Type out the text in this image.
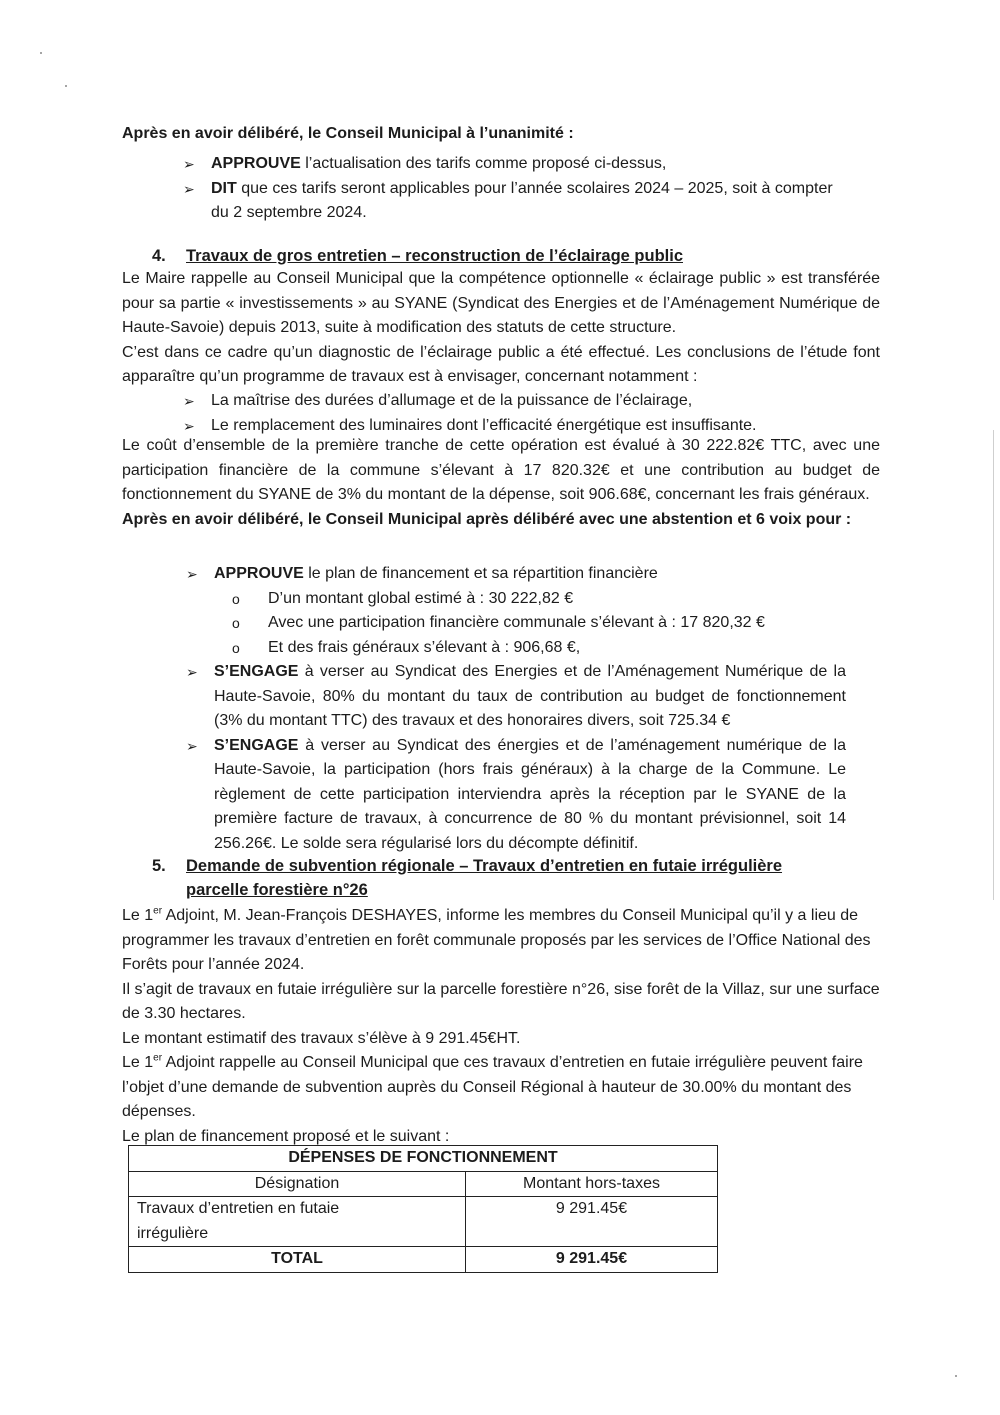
Après en avoir délibéré, le Conseil Municipal à l’unanimité :
➢ APPROUVE l’actualisation des tarifs comme proposé ci-dessus,
➢ DIT que ces tarifs seront applicables pour l’année scolaires 2024 – 2025, soit à compter
du 2 septembre 2024.
4. Travaux de gros entretien – reconstruction de l’éclairage public

Le Maire rappelle au Conseil Municipal que la compétence optionnelle « éclairage public » est transférée pour sa partie « investissements » au SYANE (Syndicat des Energies et de l’Aménagement Numérique de Haute-Savoie) depuis 2013, suite à modification des statuts de cette structure.

C’est dans ce cadre qu’un diagnostic de l’éclairage public a été effectué. Les conclusions de l’étude font apparaître qu’un programme de travaux est à envisager, concernant notamment :

➢ La maîtrise des durées d’allumage et de la puissance de l’éclairage,
➢ Le remplacement des luminaires dont l’efficacité énergétique est insuffisante.

Le coût d’ensemble de la première tranche de cette opération est évalué à 30 222.82€ TTC, avec une participation financière de la commune s’élevant à 17 820.32€ et une contribution au budget de fonctionnement du SYANE de 3% du montant de la dépense, soit 906.68€, concernant les frais généraux.

Après en avoir délibéré, le Conseil Municipal après délibéré avec une abstention et 6 voix pour :

➢ APPROUVE le plan de financement et sa répartition financière
o D’un montant global estimé à : 30 222,82 €
o Avec une participation financière communale s’élevant à : 17 820,32 €
o Et des frais généraux s’élevant à : 906,68 €,
➢ S’ENGAGE à verser au Syndicat des Energies et de l’Aménagement Numérique de la Haute-Savoie, 80% du montant du taux de contribution au budget de fonctionnement (3% du montant TTC) des travaux et des honoraires divers, soit 725.34 €
➢ S’ENGAGE à verser au Syndicat des énergies et de l’aménagement numérique de la Haute-Savoie, la participation (hors frais généraux) à la charge de la Commune. Le règlement de cette participation interviendra après la réception par le SYANE de la première facture de travaux, à concurrence de 80 % du montant prévisionnel, soit 14 256.26€. Le solde sera régularisé lors du décompte définitif.
5. Demande de subvention régionale – Travaux d’entretien en futaie irrégulière
parcelle forestière n°26

Le 1er Adjoint, M. Jean-François DESHAYES, informe les membres du Conseil Municipal qu’il y a lieu de programmer les travaux d’entretien en forêt communale proposés par les services de l’Office National des Forêts pour l’année 2024.

Il s’agit de travaux en futaie irrégulière sur la parcelle forestière n°26, sise forêt de la Villaz, sur une surface de 3.30 hectares.

Le montant estimatif des travaux s’élève à 9 291.45€HT.

Le 1er Adjoint rappelle au Conseil Municipal que ces travaux d’entretien en futaie irrégulière peuvent faire l’objet d’une demande de subvention auprès du Conseil Régional à hauteur de 30.00% du montant des dépenses.

Le plan de financement proposé et le suivant :

DÉPENSES DE FONCTIONNEMENT	
Désignation	Montant hors-taxes
Travaux d’entretien en futaie
irrégulière	9 291.45€
TOTAL	9 291.45€
